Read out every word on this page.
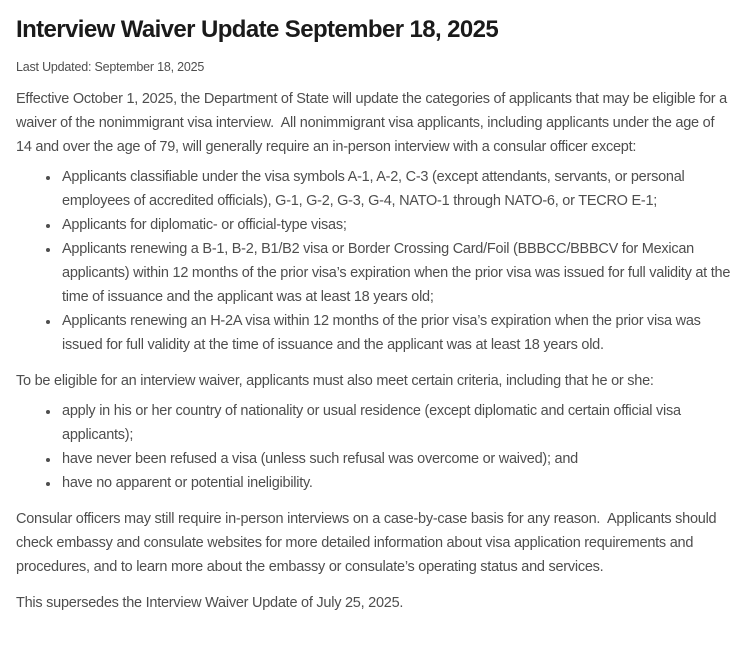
Interview Waiver Update September 18, 2025

Last Updated: September 18, 2025

Effective October 1, 2025, the Department of State will update the categories of applicants that may be eligible for a waiver of the nonimmigrant visa interview.  All nonimmigrant visa applicants, including applicants under the age of 14 and over the age of 79, will generally require an in-person interview with a consular officer except:

• Applicants classifiable under the visa symbols A-1, A-2, C-3 (except attendants, servants, or personal employees of accredited officials), G-1, G-2, G-3, G-4, NATO-1 through NATO-6, or TECRO E-1;
• Applicants for diplomatic- or official-type visas;
• Applicants renewing a B-1, B-2, B1/B2 visa or Border Crossing Card/Foil (BBBCC/BBBCV for Mexican applicants) within 12 months of the prior visa’s expiration when the prior visa was issued for full validity at the time of issuance and the applicant was at least 18 years old;
• Applicants renewing an H-2A visa within 12 months of the prior visa’s expiration when the prior visa was issued for full validity at the time of issuance and the applicant was at least 18 years old.

To be eligible for an interview waiver, applicants must also meet certain criteria, including that he or she:

• apply in his or her country of nationality or usual residence (except diplomatic and certain official visa applicants);
• have never been refused a visa (unless such refusal was overcome or waived); and
• have no apparent or potential ineligibility.

Consular officers may still require in-person interviews on a case-by-case basis for any reason.  Applicants should check embassy and consulate websites for more detailed information about visa application requirements and procedures, and to learn more about the embassy or consulate’s operating status and services.

This supersedes the Interview Waiver Update of July 25, 2025.
